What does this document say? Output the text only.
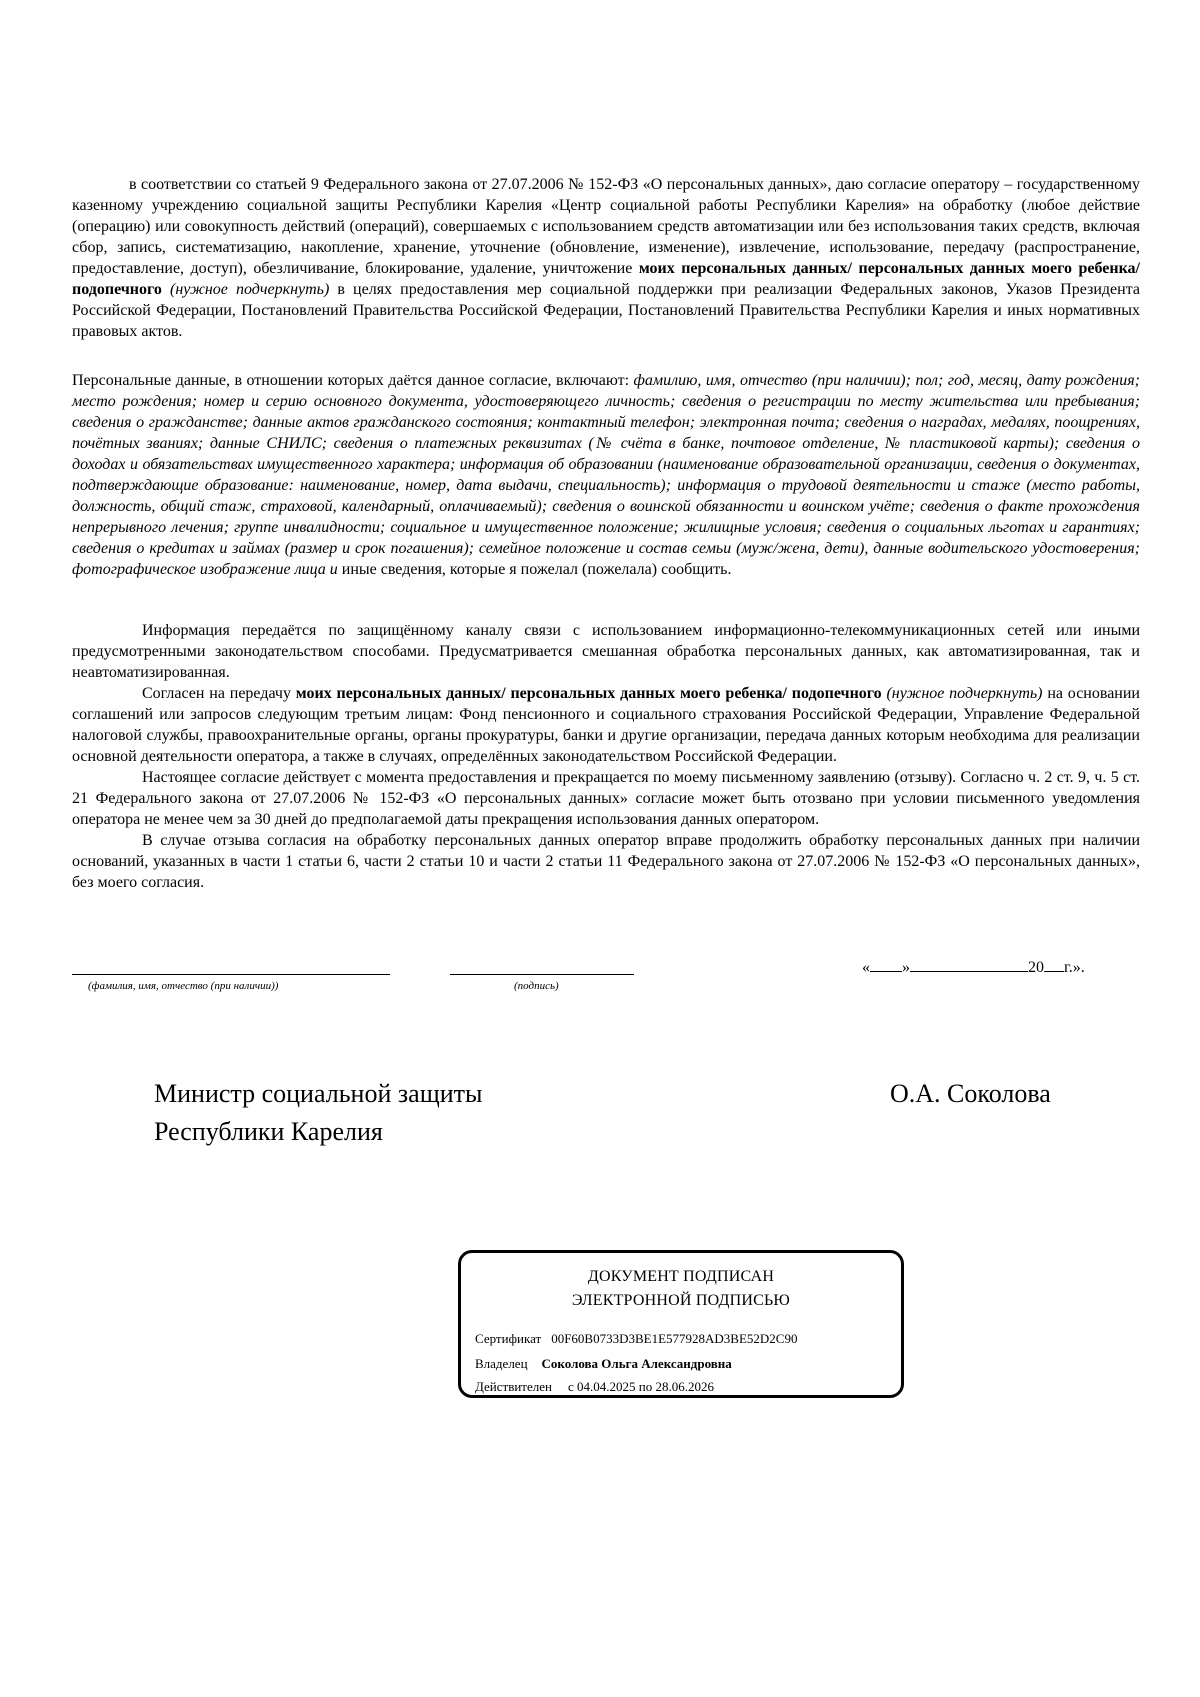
в соответствии со статьей 9 Федерального закона от 27.07.2006 № 152-ФЗ «О персональных данных», даю согласие оператору – государственному казенному учреждению социальной защиты Республики Карелия «Центр социальной работы Республики Карелия» на обработку (любое действие (операцию) или совокупность действий (операций), совершаемых с использованием средств автоматизации или без использования таких средств, включая сбор, запись, систематизацию, накопление, хранение, уточнение (обновление, изменение), извлечение, использование, передачу (распространение, предоставление, доступ), обезличивание, блокирование, удаление, уничтожение моих персональных данных/ персональных данных моего ребенка/ подопечного (нужное подчеркнуть) в целях предоставления мер социальной поддержки при реализации Федеральных законов, Указов Президента Российской Федерации, Постановлений Правительства Российской Федерации, Постановлений Правительства Республики Карелия и иных нормативных правовых актов.

Персональные данные, в отношении которых даётся данное согласие, включают: фамилию, имя, отчество (при наличии); пол; год, месяц, дату рождения; место рождения; номер и серию основного документа, удостоверяющего личность; сведения о регистрации по месту жительства или пребывания; сведения о гражданстве; данные актов гражданского состояния; контактный телефон; электронная почта; сведения о наградах, медалях, поощрениях, почётных званиях; данные СНИЛС; сведения о платежных реквизитах (№ счёта в банке, почтовое отделение, № пластиковой карты); сведения о доходах и обязательствах имущественного характера; информация об образовании (наименование образовательной организации, сведения о документах, подтверждающие образование: наименование, номер, дата выдачи, специальность); информация о трудовой деятельности и стаже (место работы, должность, общий стаж, страховой, календарный, оплачиваемый); сведения о воинской обязанности и воинском учёте; сведения о факте прохождения непрерывного лечения; группе инвалидности; социальное и имущественное положение; жилищные условия; сведения о социальных льготах и гарантиях; сведения о кредитах и займах (размер и срок погашения); семейное положение и состав семьи (муж/жена, дети), данные водительского удостоверения; фотографическое изображение лица и иные сведения, которые я пожелал (пожелала) сообщить.

Информация передаётся по защищённому каналу связи с использованием информационно-телекоммуникационных сетей или иными предусмотренными законодательством способами. Предусматривается смешанная обработка персональных данных, как автоматизированная, так и неавтоматизированная.

Согласен на передачу моих персональных данных/ персональных данных моего ребенка/ подопечного (нужное подчеркнуть) на основании соглашений или запросов следующим третьим лицам: Фонд пенсионного и социального страхования Российской Федерации, Управление Федеральной налоговой службы, правоохранительные органы, органы прокуратуры, банки и другие организации, передача данных которым необходима для реализации основной деятельности оператора, а также в случаях, определённых законодательством Российской Федерации.

Настоящее согласие действует с момента предоставления и прекращается по моему письменному заявлению (отзыву). Согласно ч. 2 ст. 9, ч. 5 ст. 21 Федерального закона от 27.07.2006 № 152-ФЗ «О персональных данных» согласие может быть отозвано при условии письменного уведомления оператора не менее чем за 30 дней до предполагаемой даты прекращения использования данных оператором.

В случае отзыва согласия на обработку персональных данных оператор вправе продолжить обработку персональных данных при наличии оснований, указанных в части 1 статьи 6, части 2 статьи 10 и части 2 статьи 11 Федерального закона от 27.07.2006 № 152-ФЗ «О персональных данных», без моего согласия.

(фамилия, имя, отчество (при наличии))	(подпись)
« »	20 г.».
Министр социальной защиты
Республики Карелия
О.А. Соколова
ДОКУМЕНТ ПОДПИСАН
ЭЛЕКТРОННОЙ ПОДПИСЬЮ
Сертификат 00F60B0733D3BE1E577928AD3BE52D2C90
Владелец Соколова Ольга Александровна
Действителен с 04.04.2025 по 28.06.2026
